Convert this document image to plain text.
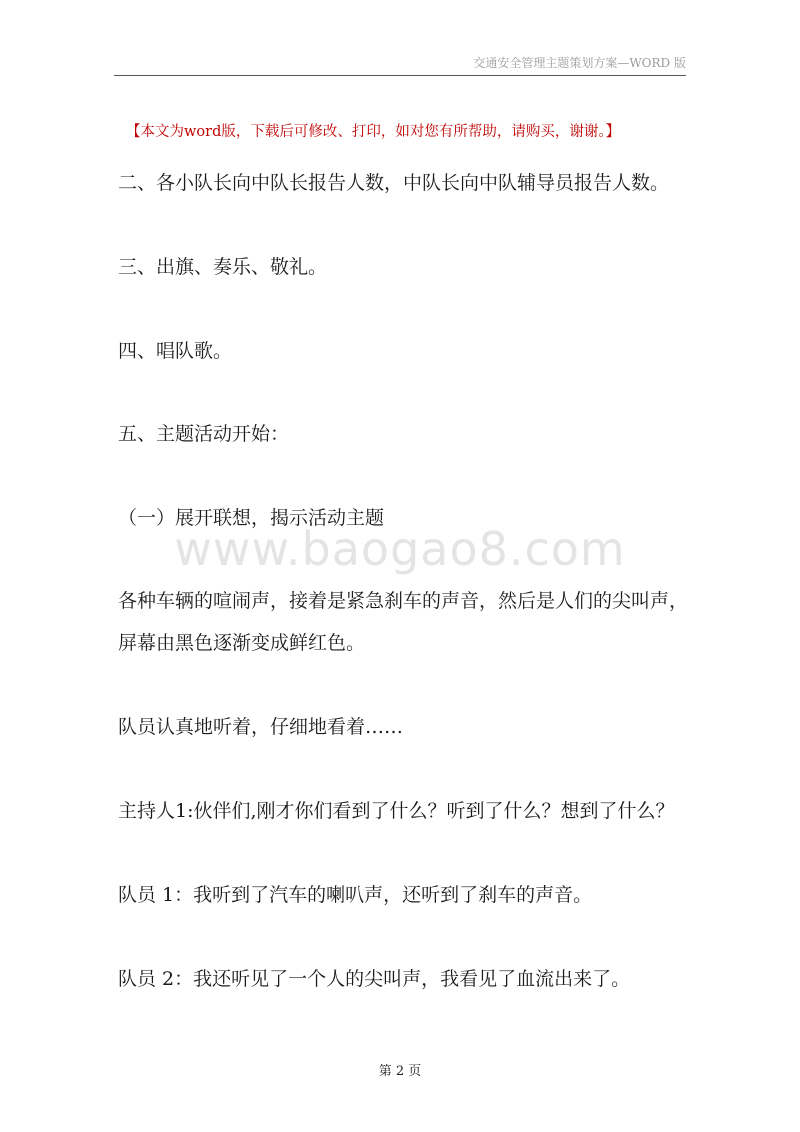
交通安全管理主题策划方案—WORD 版
【本文为word版，下载后可修改、打印，如对您有所帮助，请购买，谢谢。】
www.baogao8.com
二、各小队长向中队长报告人数，中队长向中队辅导员报告人数。
三、出旗、奏乐、敬礼。
四、唱队歌。
五、主题活动开始：
（一）展开联想，揭示活动主题
各种车辆的喧闹声，接着是紧急刹车的声音，然后是人们的尖叫声，
屏幕由黑色逐渐变成鲜红色。
队员认真地听着，仔细地看着……
主持人1:伙伴们,刚才你们看到了什么？听到了什么？想到了什么？
队员 1：我听到了汽车的喇叭声，还听到了刹车的声音。
队员 2：我还听见了一个人的尖叫声，我看见了血流出来了。
第 2 页
